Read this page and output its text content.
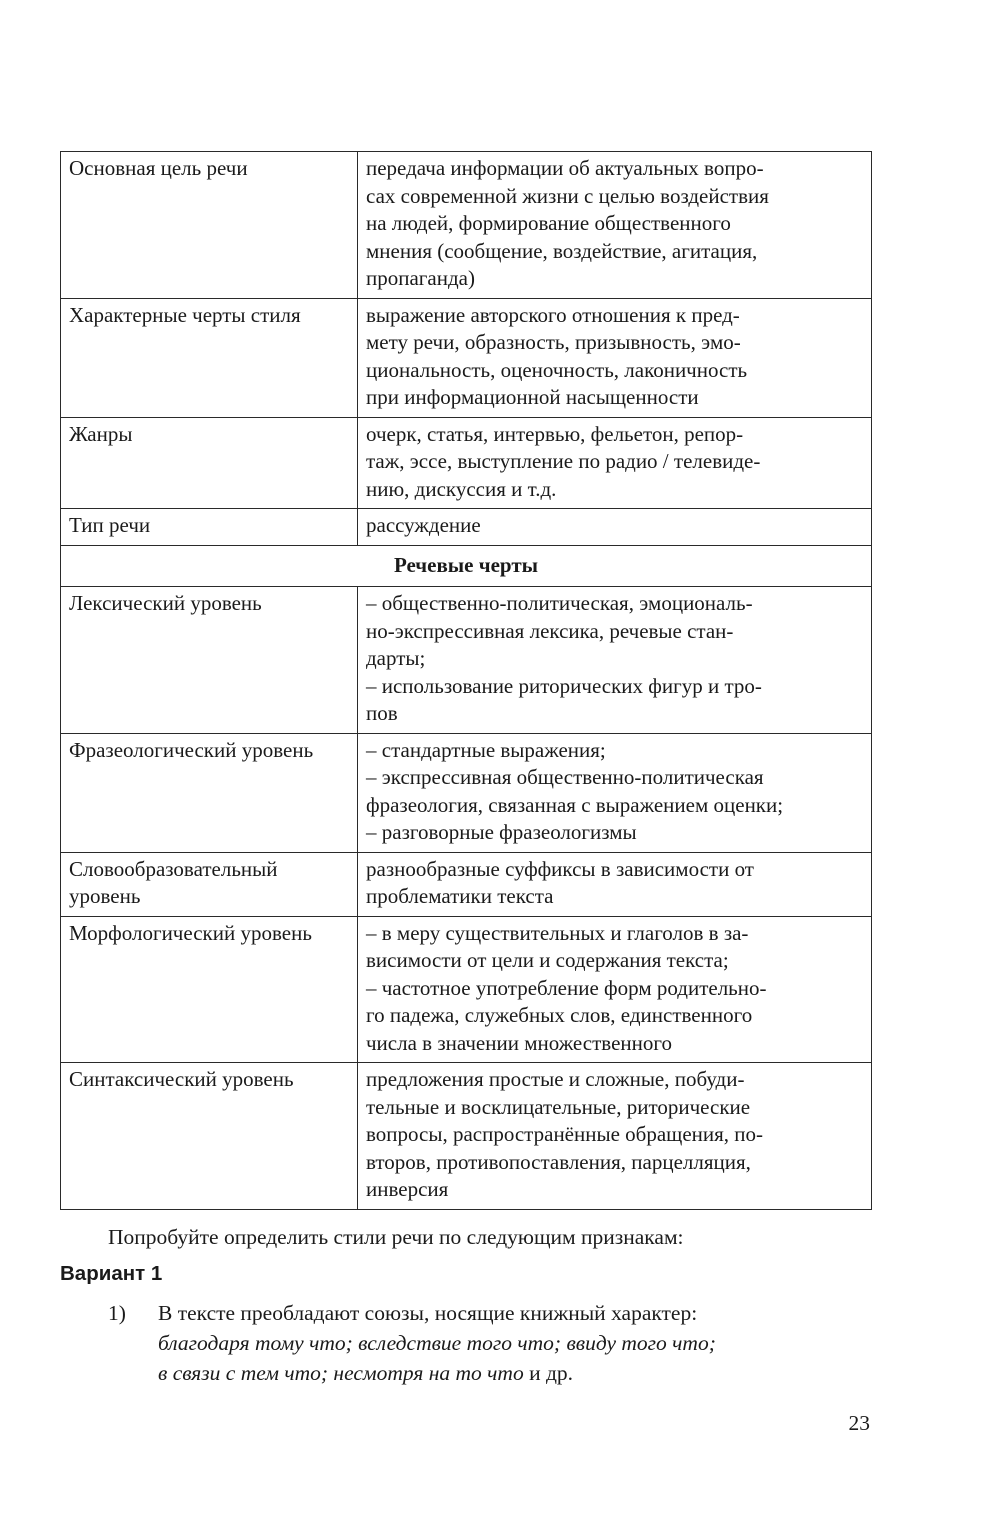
Основная цель речи	передача информации об актуальных вопро-
сах современной жизни с целью воздействия
на людей, формирование общественного
мнения (сообщение, воздействие, агитация,
пропаганда)

Характерные черты стиля	выражение авторского отношения к пред-
мету речи, образность, призывность, эмо-
циональность, оценочность, лаконичность
при информационной насыщенности

Жанры	очерк, статья, интервью, фельетон, репор-
таж, эссе, выступление по радио / телевиде-
нию, дискуссия и т.д.

Тип речи	рассуждение

Речевые черты	
Лексический уровень	– общественно-политическая, эмоциональ-
но-экспрессивная лексика, речевые стан-
дарты;
– использование риторических фигур и тро-
пов

Фразеологический уровень	– стандартные выражения;
– экспрессивная общественно-политическая
фразеология, связанная с выражением оценки;
– разговорные фразеологизмы

Словообразовательный уровень	разнообразные суффиксы в зависимости от
проблематики текста

Морфологический уровень	– в меру существительных и глаголов в за-
висимости от цели и содержания текста;
– частотное употребление форм родительно-
го падежа, служебных слов, единственного
числа в значении множественного

Синтаксический уровень	предложения простые и сложные, побуди-
тельные и восклицательные, риторические
вопросы, распространённые обращения, по-
второв, противопоставления, парцелляция,
инверсия
Попробуйте определить стили речи по следующим признакам:
Вариант 1
1) В тексте преобладают союзы, носящие книжный характер:
благодаря тому что; вследствие того что; ввиду того что;
в связи с тем что; несмотря на то что и др.
23
